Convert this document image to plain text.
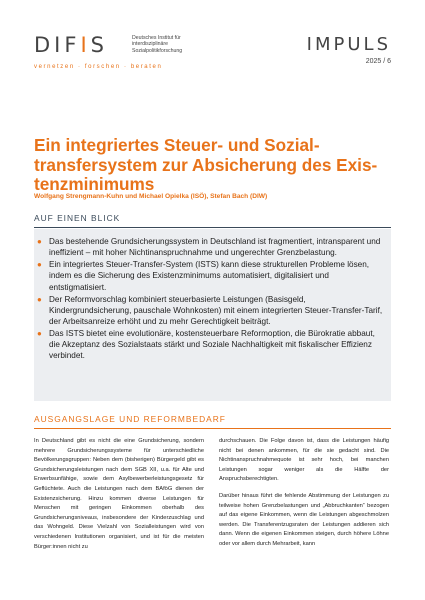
DIFIS	Deutsches Institut für interdisziplinäre Sozialpolitikforschung
vernetzen · forschen · beraten
IMPULS
2025 / 6
Ein integriertes Steuer- und Sozial-transfersystem zur Absicherung des Exis-tenzminimums
Wolfgang Strengmann-Kuhn und Michael Opielka (ISÖ), Stefan Bach (DIW)
AUF EINEN BLICK
● Das bestehende Grundsicherungssystem in Deutschland ist fragmentiert, intransparent und ineffizient – mit hoher Nichtinanspruchnahme und ungerechter Grenzbelastung.
● Ein integriertes Steuer-Transfer-System (ISTS) kann diese strukturellen Probleme lösen, indem es die Sicherung des Existenzminimums automatisiert, digitalisiert und entstigmatisiert.
● Der Reformvorschlag kombiniert steuerbasierte Leistungen (Basisgeld, Kindergrundsicherung, pauschale Wohnkosten) mit einem integrierten Steuer-Transfer-Tarif, der Arbeitsanreize erhöht und zu mehr Gerechtigkeit beiträgt.
● Das ISTS bietet eine evolutionäre, kostensteuerbare Reformoption, die Bürokratie abbaut, die Akzeptanz des Sozialstaats stärkt und Soziale Nachhaltigkeit mit fiskalischer Effizienz verbindet.
AUSGANGSLAGE UND REFORMBEDARF

In Deutschland gibt es nicht die eine Grundsicherung, sondern mehrere Grundsicherungssysteme für unterschiedliche Bevölkerungsgruppen: Neben dem (bisherigen) Bürgergeld gibt es Grundsicherungsleistungen nach dem SGB XII, u.a. für Alte und Erwerbsunfähige, sowie dem Asylbewerberleistungsgesetz für Geflüchtete. Auch die Leistungen nach dem BAföG dienen der Existenzsicherung. Hinzu kommen diverse Leistungen für Menschen mit geringen Einkommen oberhalb des Grundsicherungsniveaus, insbesondere der Kinderzuschlag und das Wohngeld. Diese Vielzahl von Sozialleistungen wird von verschiedenen Institutionen organisiert, und ist für die meisten Bürger:innen nicht zu

durchschauen. Die Folge davon ist, dass die Leistungen häufig nicht bei denen ankommen, für die sie gedacht sind. Die Nichtinanspruchnahmequote ist sehr hoch, bei manchen Leistungen sogar weniger als die Hälfte der Anspruchsberechtigten.

Darüber hinaus führt die fehlende Abstimmung der Leistungen zu teilweise hohen Grenzbelastungen und „Abbruchkanten“ bezogen auf das eigene Einkommen, wenn die Leistungen abgeschmolzen werden. Die Transferentzugsraten der Leistungen addieren sich dann. Wenn die eigenen Einkommen steigen, durch höhere Löhne oder vor allem durch Mehrarbeit, kann
